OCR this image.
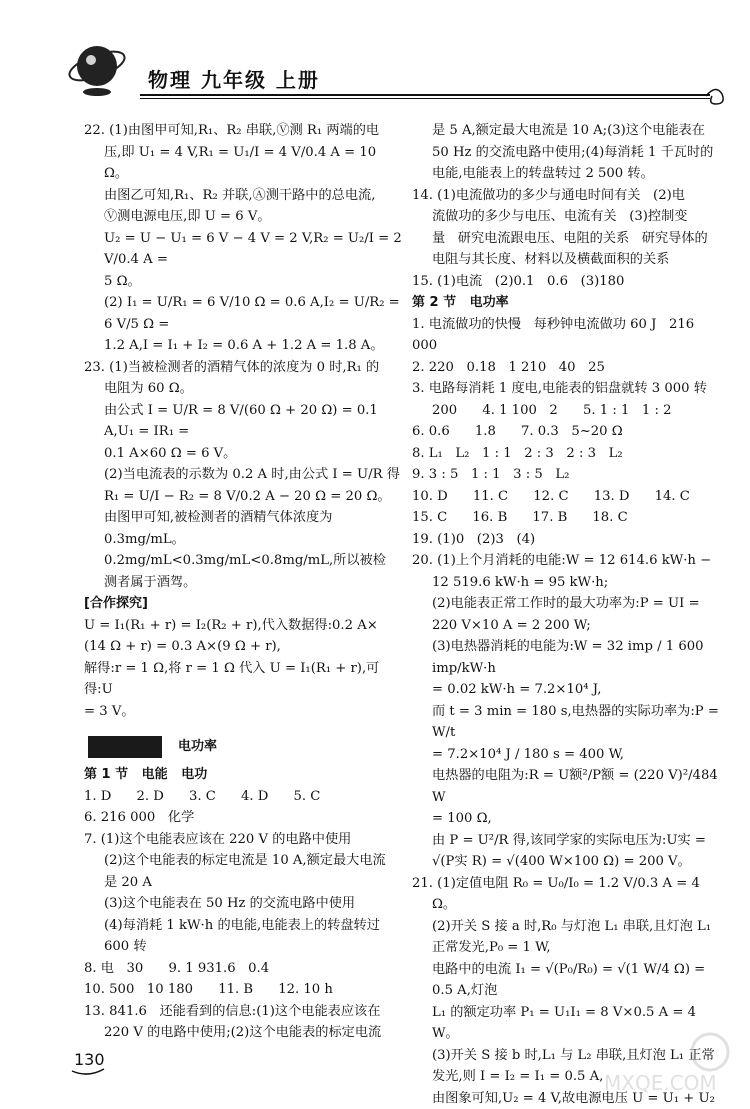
物理 九年级 上册
22. (1)由图甲可知,R₁、R₂ 串联,Ⓥ测 R₁ 两端的电
压,即 U₁ = 4 V,R₁ = U₁/I = 4 V/0.4 A = 10 Ω。
由图乙可知,R₁、R₂ 并联,Ⓐ测干路中的总电流,
Ⓥ测电源电压,即 U = 6 V。
U₂ = U − U₁ = 6 V − 4 V = 2 V,R₂ = U₂/I = 2 V/0.4 A =
5 Ω。
(2) I₁ = U/R₁ = 6 V/10 Ω = 0.6 A,I₂ = U/R₂ = 6 V/5 Ω =
1.2 A,I = I₁ + I₂ = 0.6 A + 1.2 A = 1.8 A。
23. (1)当被检测者的酒精气体的浓度为 0 时,R₁ 的
电阻为 60 Ω。
由公式 I = U/R = 8 V/(60 Ω + 20 Ω) = 0.1 A,U₁ = IR₁ =
0.1 A×60 Ω = 6 V。
(2)当电流表的示数为 0.2 A 时,由公式 I = U/R 得
R₁ = U/I − R₂ = 8 V/0.2 A − 20 Ω = 20 Ω。
由图甲可知,被检测者的酒精气体浓度为
0.3mg/mL。
0.2mg/mL<0.3mg/mL<0.8mg/mL,所以被检
测者属于酒驾。
[合作探究]
U = I₁(R₁ + r) = I₂(R₂ + r),代入数据得:0.2 A×
(14 Ω + r) = 0.3 A×(9 Ω + r),
解得:r = 1 Ω,将 r = 1 Ω 代入 U = I₁(R₁ + r),可得:U
= 3 V。
电功率
第 1 节   电能   电功
1. D      2. D      3. C      4. D      5. C
6. 216 000   化学
7. (1)这个电能表应该在 220 V 的电路中使用
(2)这个电能表的标定电流是 10 A,额定最大电流
是 20 A
(3)这个电能表在 50 Hz 的交流电路中使用
(4)每消耗 1 kW·h 的电能,电能表上的转盘转过
600 转
8. 电   30      9. 1 931.6   0.4
10. 500   10 180      11. B      12. 10 h
13. 841.6   还能看到的信息:(1)这个电能表应该在
220 V 的电路中使用;(2)这个电能表的标定电流
是 5 A,额定最大电流是 10 A;(3)这个电能表在
50 Hz 的交流电路中使用;(4)每消耗 1 千瓦时的
电能,电能表上的转盘转过 2 500 转。
14. (1)电流做功的多少与通电时间有关   (2)电
流做功的多少与电压、电流有关   (3)控制变
量   研究电流跟电压、电阻的关系   研究导体的
电阻与其长度、材料以及横截面积的关系
15. (1)电流   (2)0.1   0.6   (3)180
第 2 节   电功率
1. 电流做功的快慢   每秒钟电流做功 60 J   216 000
2. 220   0.18   1 210   40   25
3. 电路每消耗 1 度电,电能表的铝盘就转 3 000 转
200      4. 1 100   2      5. 1 : 1   1 : 2
6. 0.6      1.8      7. 0.3   5~20 Ω
8. L₁   L₂   1 : 1   2 : 3   2 : 3   L₂
9. 3 : 5   1 : 1   3 : 5   L₂
10. D      11. C      12. C      13. D      14. C
15. C      16. B      17. B      18. C
19. (1)0   (2)3   (4)
20. (1)上个月消耗的电能:W = 12 614.6 kW·h −
12 519.6 kW·h = 95 kW·h;
(2)电能表正常工作时的最大功率为:P = UI =
220 V×10 A = 2 200 W;
(3)电热器消耗的电能为:W = 32 imp / 1 600 imp/kW·h
= 0.02 kW·h = 7.2×10⁴ J,
而 t = 3 min = 180 s,电热器的实际功率为:P = W/t
= 7.2×10⁴ J / 180 s = 400 W,
电热器的电阻为:R = U额²/P额 = (220 V)²/484 W
= 100 Ω,
由 P = U²/R 得,该同学家的实际电压为:U实 =
√(P实 R) = √(400 W×100 Ω) = 200 V。
21. (1)定值电阻 R₀ = U₀/I₀ = 1.2 V/0.3 A = 4 Ω。
(2)开关 S 接 a 时,R₀ 与灯泡 L₁ 串联,且灯泡 L₁
正常发光,P₀ = 1 W,
电路中的电流 I₁ = √(P₀/R₀) = √(1 W/4 Ω) = 0.5 A,灯泡
L₁ 的额定功率 P₁ = U₁I₁ = 8 V×0.5 A = 4 W。
(3)开关 S 接 b 时,L₁ 与 L₂ 串联,且灯泡 L₁ 正常
发光,则 I = I₂ = I₁ = 0.5 A,
由图象可知,U₂ = 4 V,故电源电压 U = U₁ + U₂
130
MXQE.COM
